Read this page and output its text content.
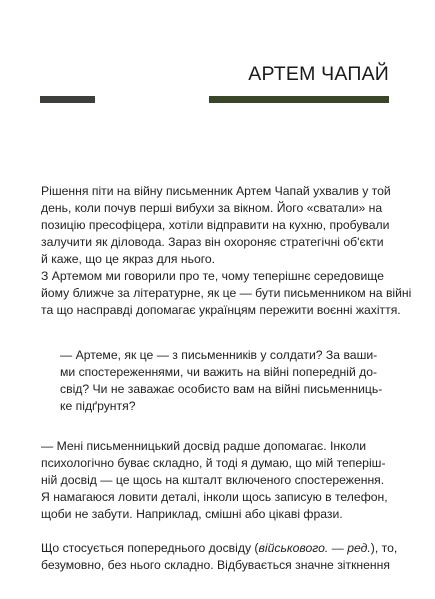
АРТЕМ ЧАПАЙ
Рішення піти на війну письменник Артем Чапай ухвалив у той
день, коли почув перші вибухи за вікном. Його «сватали» на
позицію пресофіцера, хотіли відправити на кухню, пробували
залучити як діловода. Зараз він охороняє стратегічні об'єкти
й каже, що це якраз для нього.
З Артемом ми говорили про те, чому теперішнє середовище
йому ближче за літературне, як це — бути письменником на війні
та що насправді допомагає українцям пережити воєнні жахіття.
— Артеме, як це — з письменників у солдати? За ваши-
ми спостереженнями, чи важить на війні попередній до-
свід? Чи не заважає особисто вам на війні письменниць-
ке підґрунтя?
— Мені письменницький досвід радше допомагає. Інколи
психологічно буває складно, й тоді я думаю, що мій теперіш-
ній досвід — це щось на кшталт включеного спостереження.
Я намагаюся ловити деталі, інколи щось записую в телефон,
щоби не забути. Наприклад, смішні або цікаві фрази.
Що стосується попереднього досвіду (військового. — ред.), то,
безумовно, без нього складно. Відбувається значне зіткнення
